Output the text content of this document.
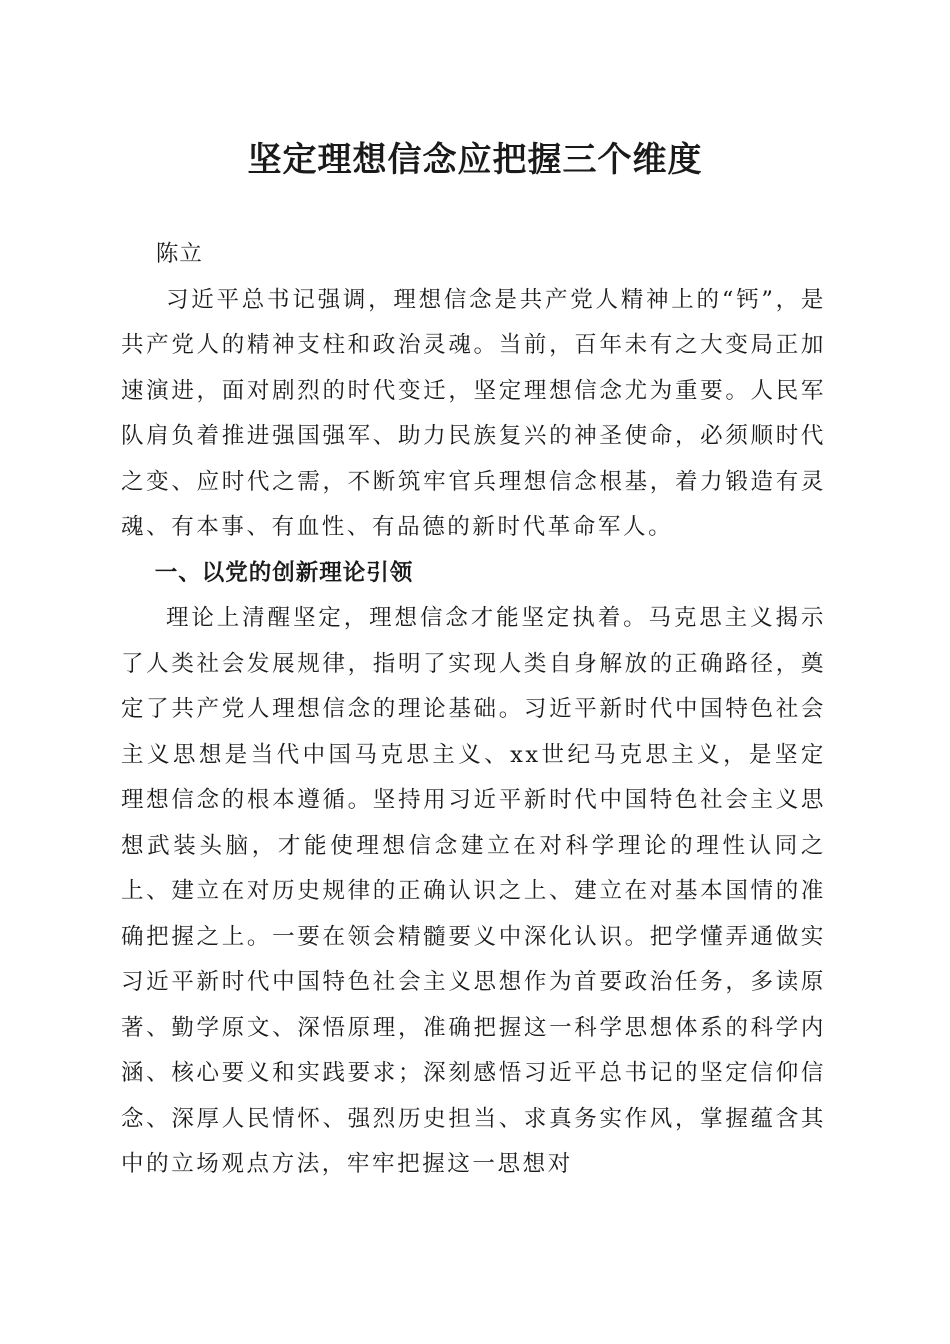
坚定理想信念应把握三个维度

陈立

习近平总书记强调，理想信念是共产党人精神上的“钙”，是共产党人的精神支柱和政治灵魂。当前，百年未有之大变局正加速演进，面对剧烈的时代变迁，坚定理想信念尤为重要。人民军队肩负着推进强国强军、助力民族复兴的神圣使命，必须顺时代之变、应时代之需，不断筑牢官兵理想信念根基，着力锻造有灵魂、有本事、有血性、有品德的新时代革命军人。

一、以党的创新理论引领

理论上清醒坚定，理想信念才能坚定执着。马克思主义揭示了人类社会发展规律，指明了实现人类自身解放的正确路径，奠定了共产党人理想信念的理论基础。习近平新时代中国特色社会主义思想是当代中国马克思主义、xx世纪马克思主义，是坚定理想信念的根本遵循。坚持用习近平新时代中国特色社会主义思想武装头脑，才能使理想信念建立在对科学理论的理性认同之上、建立在对历史规律的正确认识之上、建立在对基本国情的准确把握之上。一要在领会精髓要义中深化认识。把学懂弄通做实习近平新时代中国特色社会主义思想作为首要政治任务，多读原著、勤学原文、深悟原理，准确把握这一科学思想体系的科学内涵、核心要义和实践要求；深刻感悟习近平总书记的坚定信仰信念、深厚人民情怀、强烈历史担当、求真务实作风，掌握蕴含其中的立场观点方法，牢牢把握这一思想对
